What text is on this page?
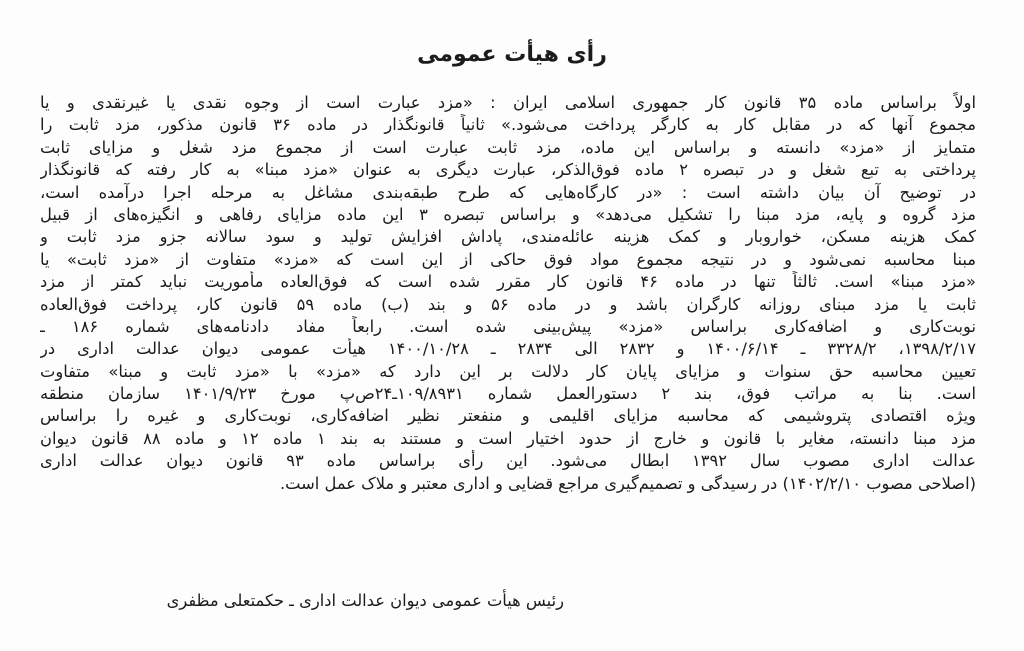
رأی هیأت عمومی
اولاً براساس ماده ۳۵ قانون کار جمهوری اسلامی ایران : «مزد عبارت است از وجوه نقدی یا غیرنقدی و یا
مجموع آنها که در مقابل کار به کارگر پرداخت می‌شود.» ثانیاً قانونگذار در ماده ۳۶ قانون مذکور، مزد ثابت را
متمایز از «مزد» دانسته و براساس این ماده، مزد ثابت عبارت است از مجموع مزد شغل و مزایای ثابت
پرداختی به تبع شغل و در تبصره ۲ ماده فوق‌الذکر، عبارت دیگری به عنوان «مزد مبنا» به کار رفته که قانونگذار
در توضیح آن بیان داشته است : «در کارگاه‌هایی که طرح طبقه‌بندی مشاغل به مرحله اجرا درآمده است،
مزد گروه و پایه، مزد مبنا را تشکیل می‌دهد» و براساس تبصره ۳ این ماده مزایای رفاهی و انگیزه‌های از قبیل
کمک هزینه مسکن، خواروبار و کمک هزینه عائله‌مندی، پاداش افزایش تولید و سود سالانه جزو مزد ثابت و
مبنا محاسبه نمی‌شود و در نتیجه مجموع مواد فوق حاکی از این است که «مزد» متفاوت از «مزد ثابت» یا
«مزد مبنا» است. ثالثاً تنها در ماده ۴۶ قانون کار مقرر شده است که فوق‌العاده مأموریت نباید کمتر از مزد
ثابت یا مزد مبنای روزانه کارگران باشد و در ماده ۵۶ و بند (ب) ماده ۵۹ قانون کار، پرداخت فوق‌العاده
نوبت‌کاری و اضافه‌کاری براساس «مزد» پیش‌بینی شده است. رابعاً مفاد دادنامه‌های شماره ۱۸۶ ـ
۱۳۹۸/۲/۱۷، ۳۳۲۸/۲ ـ ۱۴۰۰/۶/۱۴ و ۲۸۳۲ الی ۲۸۳۴ ـ ۱۴۰۰/۱۰/۲۸ هیأت عمومی دیوان عدالت اداری در
تعیین محاسبه حق سنوات و مزایای پایان کار دلالت بر این دارد که «مزد» با «مزد ثابت و مبنا» متفاوت
است. بنا به مراتب فوق، بند ۲ دستورالعمل شماره ۱۰۹/۸۹۳۱ـ۲۴ص‌پ مورخ ۱۴۰۱/۹/۲۳ سازمان منطقه
ویژه اقتصادی پتروشیمی که محاسبه مزایای اقلیمی و منفعتر نظیر اضافه‌کاری، نوبت‌کاری و غیره را براساس
مزد مبنا دانسته، مغایر با قانون و خارج از حدود اختیار است و مستند به بند ۱ ماده ۱۲ و ماده ۸۸ قانون دیوان
عدالت اداری مصوب سال ۱۳۹۲ ابطال می‌شود. این رأی براساس ماده ۹۳ قانون دیوان عدالت اداری
(اصلاحی مصوب ۱۴۰۲/۲/۱۰) در رسیدگی و تصمیم‌گیری مراجع قضایی و اداری معتبر و ملاک عمل است.
رئیس هیأت عمومی دیوان عدالت اداری ـ حکمتعلی مظفری
